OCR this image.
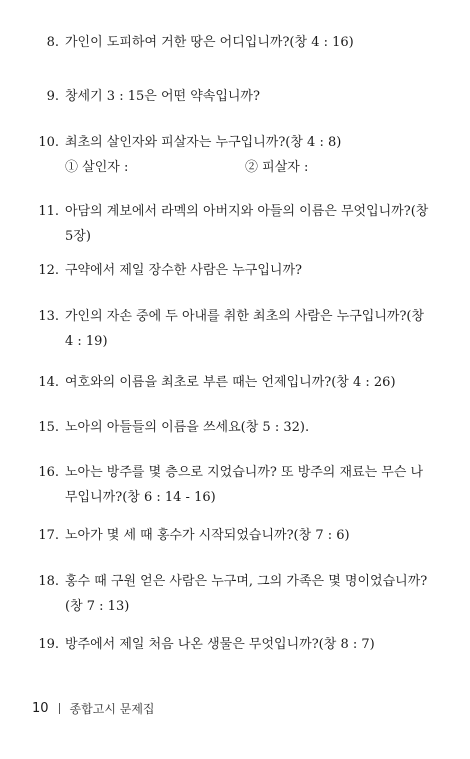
8. 가인이 도피하여 거한 땅은 어디입니까?(창 4 : 16)
9. 창세기 3 : 15은 어떤 약속입니까?
10. 최초의 살인자와 피살자는 누구입니까?(창 4 : 8)
① 살인자 :	② 피살자 :
11. 아담의 계보에서 라멕의 아버지와 아들의 이름은 무엇입니까?(창
5장)
12. 구약에서 제일 장수한 사람은 누구입니까?
13. 가인의 자손 중에 두 아내를 취한 최초의 사람은 누구입니까?(창
4 : 19)
14. 여호와의 이름을 최초로 부른 때는 언제입니까?(창 4 : 26)
15. 노아의 아들들의 이름을 쓰세요(창 5 : 32).
16. 노아는 방주를 몇 층으로 지었습니까? 또 방주의 재료는 무슨 나
무입니까?(창 6 : 14 - 16)
17. 노아가 몇 세 때 홍수가 시작되었습니까?(창 7 : 6)
18. 홍수 때 구원 얻은 사람은 누구며, 그의 가족은 몇 명이었습니까?
(창 7 : 13)
19. 방주에서 제일 처음 나온 생물은 무엇입니까?(창 8 : 7)
10 종합고시 문제집
